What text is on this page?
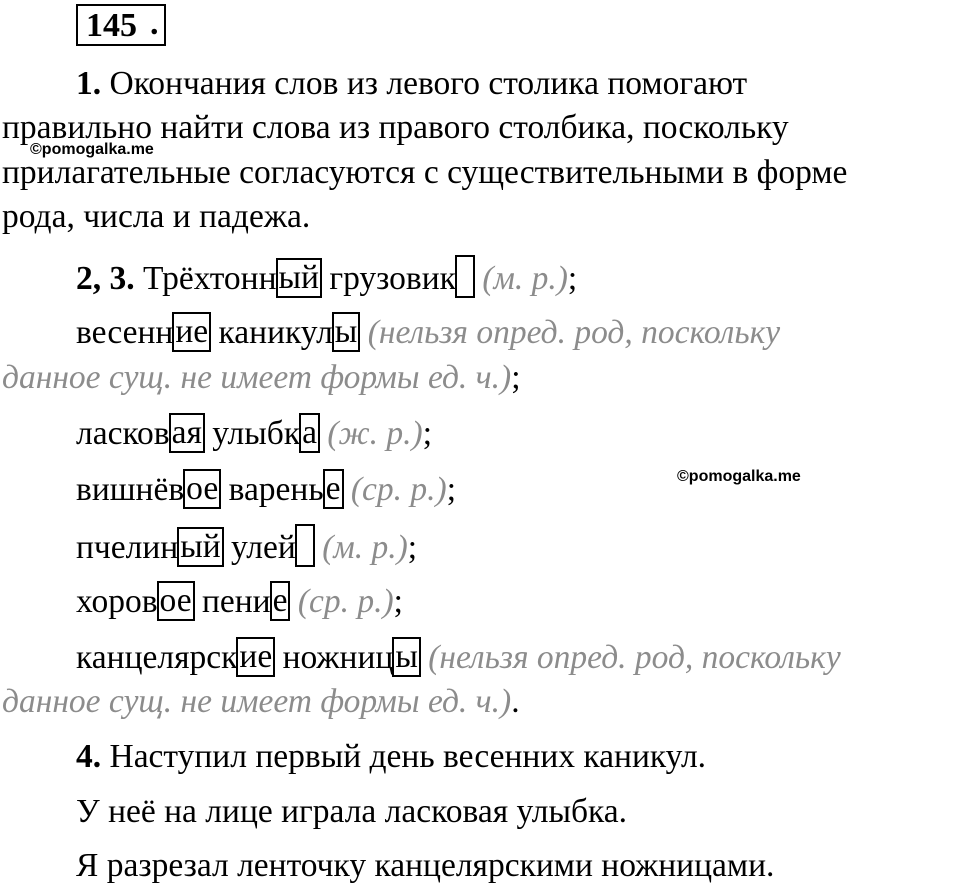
145 .
1. Окончания слов из левого столика помогают
правильно найти слова из правого столбика, поскольку
прилагательные согласуются с существительными в форме
рода, числа и падежа.
©pomogalka.me
2, 3. Трёхтонный грузовик (м. р.);
весенние каникулы (нельзя опред. род, поскольку
данное сущ. не имеет формы ед. ч.);
ласковая улыбка (ж. р.);
вишнёвое варенье (ср. р.);	©pomogalka.me
пчелиный улей (м. р.);
хоровое пение (ср. р.);
канцелярские ножницы (нельзя опред. род, поскольку
данное сущ. не имеет формы ед. ч.).
4. Наступил первый день весенних каникул.
У неё на лице играла ласковая улыбка.
Я разрезал ленточку канцелярскими ножницами.
